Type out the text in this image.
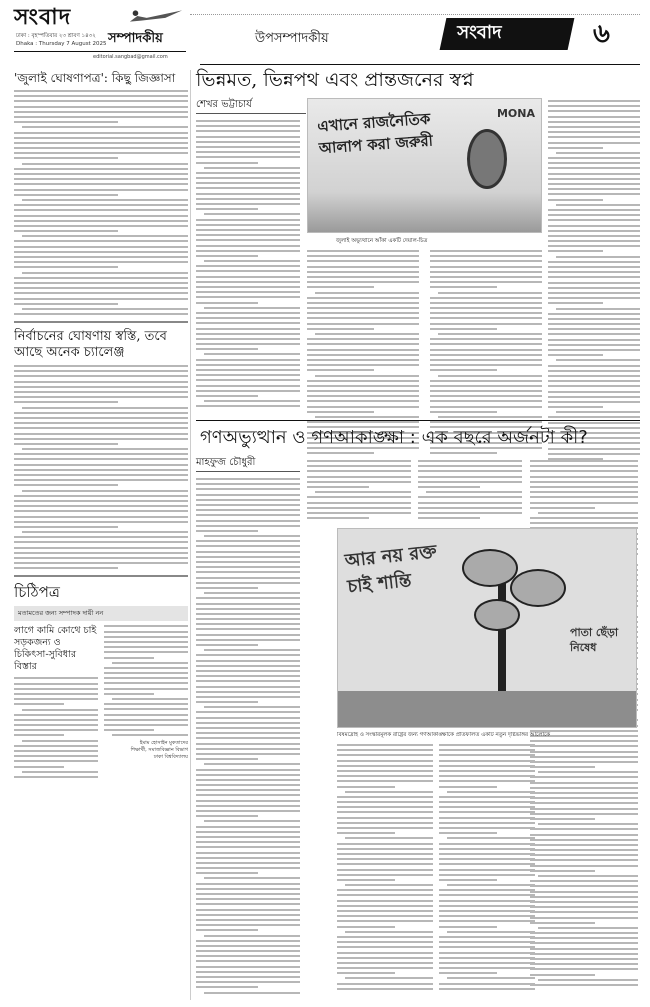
সংবাদ
ঢাকা : বৃহস্পতিবার ২৩ শ্রাবণ ১৪৩২
Dhaka : Thursday 7 August 2025 সম্পাদকীয়
editorial.sangbad@gmail.com
উপসম্পাদকীয়	সংবাদ	৬
'জুলাই ঘোষণাপত্র': কিছু জিজ্ঞাসা
নির্বাচনের ঘোষণায় স্বস্তি, তবে আছে অনেক চ্যালেঞ্জ
চিঠিপত্র
মতামতের জন্য সম্পাদক দায়ী নন
লাগে কামি কোথে চাই সড়কজন্য ও চিকিৎসা-সুবিধার বিস্তার
ইমাম হোসাইন মুকতাদের
শিক্ষার্থী, সমাজবিজ্ঞান বিভাগ
ঢাকা বিশ্ববিদ্যালয়
ভিন্নমত, ভিন্নপথ এবং প্রান্তজনের স্বপ্ন
শেখর ভট্টাচার্য
এখানে রাজনৈতিক আলাপ করা জরুরী
MONA
জুলাই অভ্যুত্থানে আঁকা একটি দেয়াল-চিত্র
গণঅভ্যুত্থান ও গণআকাঙ্ক্ষা : এক বছরে অর্জনটা কী?
মাহফুজ চৌধুরী
আর নয় রক্ত চাই শান্তি
পাতা ছেঁড়া নিষেধ
বিষমদ্রোহ ও সংস্কারমূলক রাষ্ট্রের জন্য গণআকাঙ্ক্ষাকে প্রতিফলিত একটি নতুন দৃষ্টিভঙ্গির আলোকে
